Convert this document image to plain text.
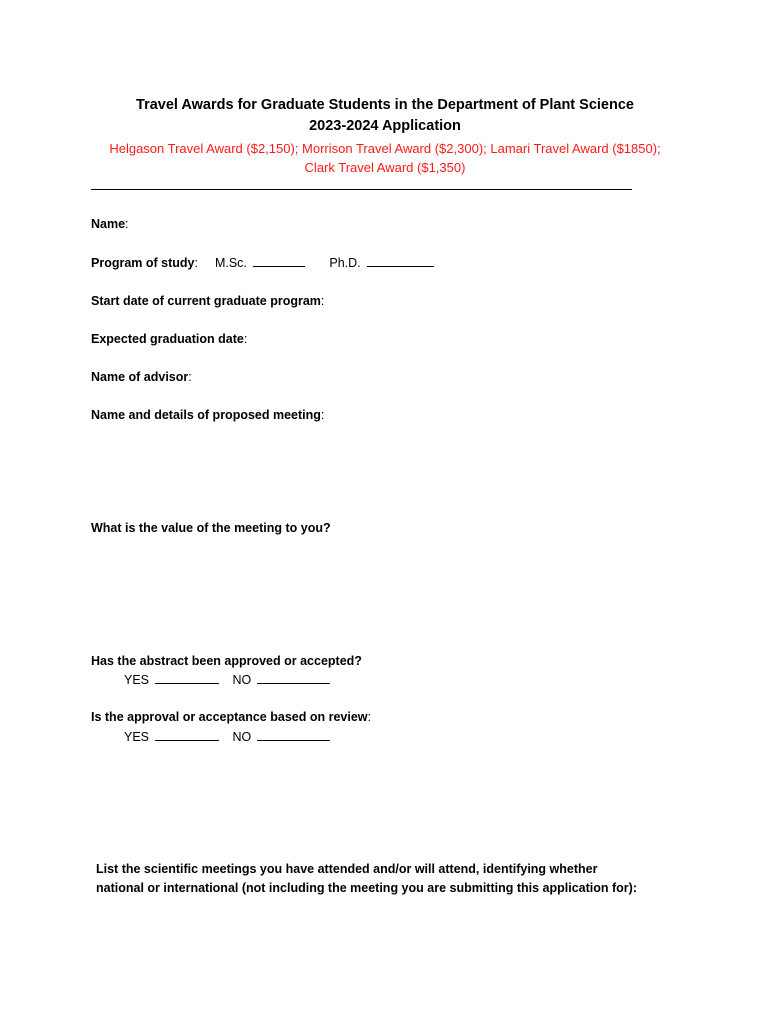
Travel Awards for Graduate Students in the Department of Plant Science
2023-2024 Application
Helgason Travel Award ($2,150); Morrison Travel Award ($2,300); Lamari Travel Award ($1850);
Clark Travel Award ($1,350)
Name:
Program of study: M.Sc.	Ph.D.
Start date of current graduate program:
Expected graduation date:
Name of advisor:
Name and details of proposed meeting:
What is the value of the meeting to you?
Has the abstract been approved or accepted?
YES	NO
Is the approval or acceptance based on review:
YES	NO
List the scientific meetings you have attended and/or will attend, identifying whether
national or international (not including the meeting you are submitting this application for):
